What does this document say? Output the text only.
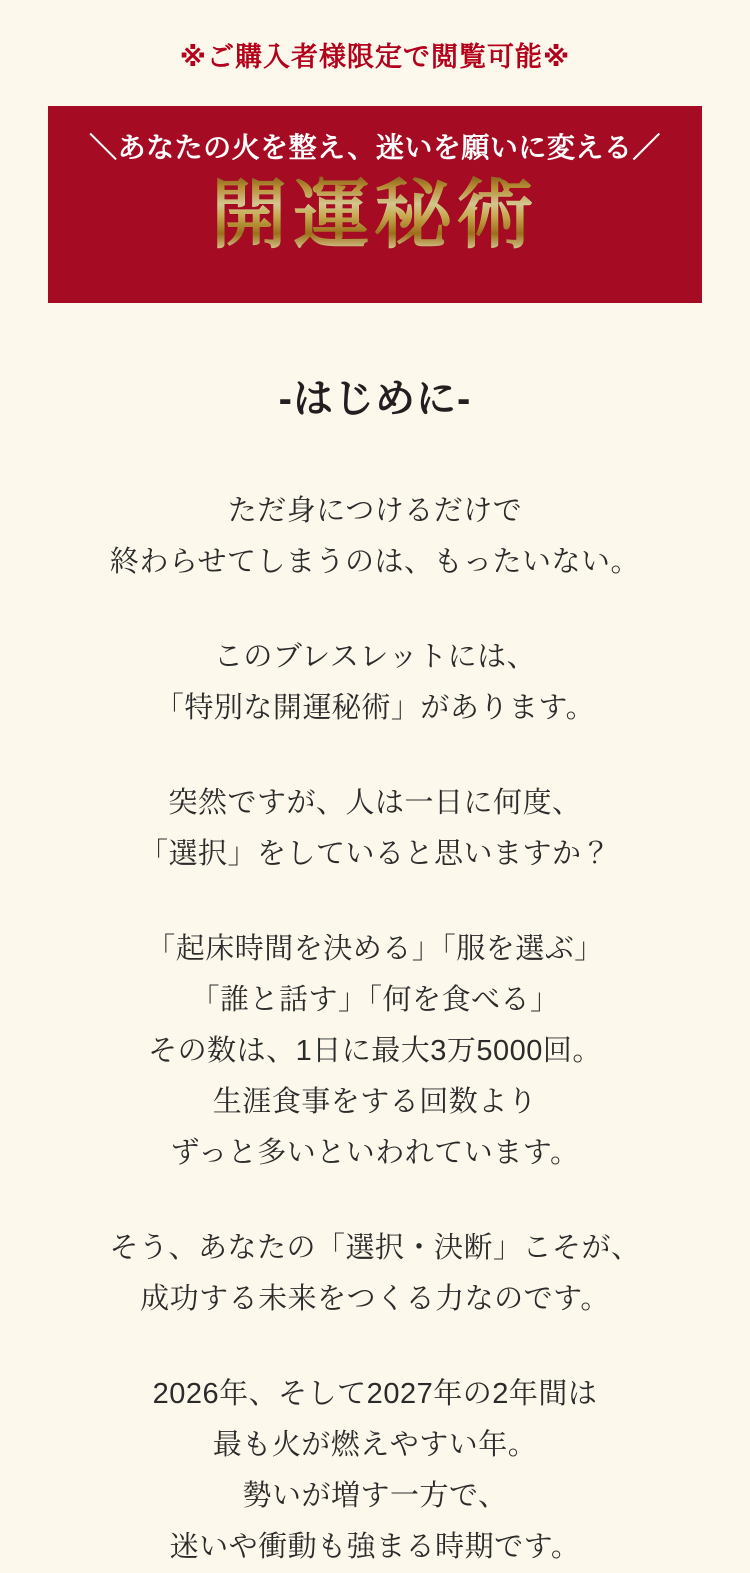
※ご購入者様限定で閲覧可能※
＼あなたの火を整え、迷いを願いに変える／
開運秘術
-はじめに-

ただ身につけるだけで
終わらせてしまうのは、もったいない。

このブレスレットには、
「特別な開運秘術」があります。

突然ですが、人は一日に何度、
「選択」をしていると思いますか？

「起床時間を決める」「服を選ぶ」
「誰と話す」「何を食べる」
その数は、1日に最大3万5000回。
生涯食事をする回数より
ずっと多いといわれています。

そう、あなたの「選択・決断」こそが、
成功する未来をつくる力なのです。

2026年、そして2027年の2年間は
最も火が燃えやすい年。
勢いが増す一方で、
迷いや衝動も強まる時期です。
